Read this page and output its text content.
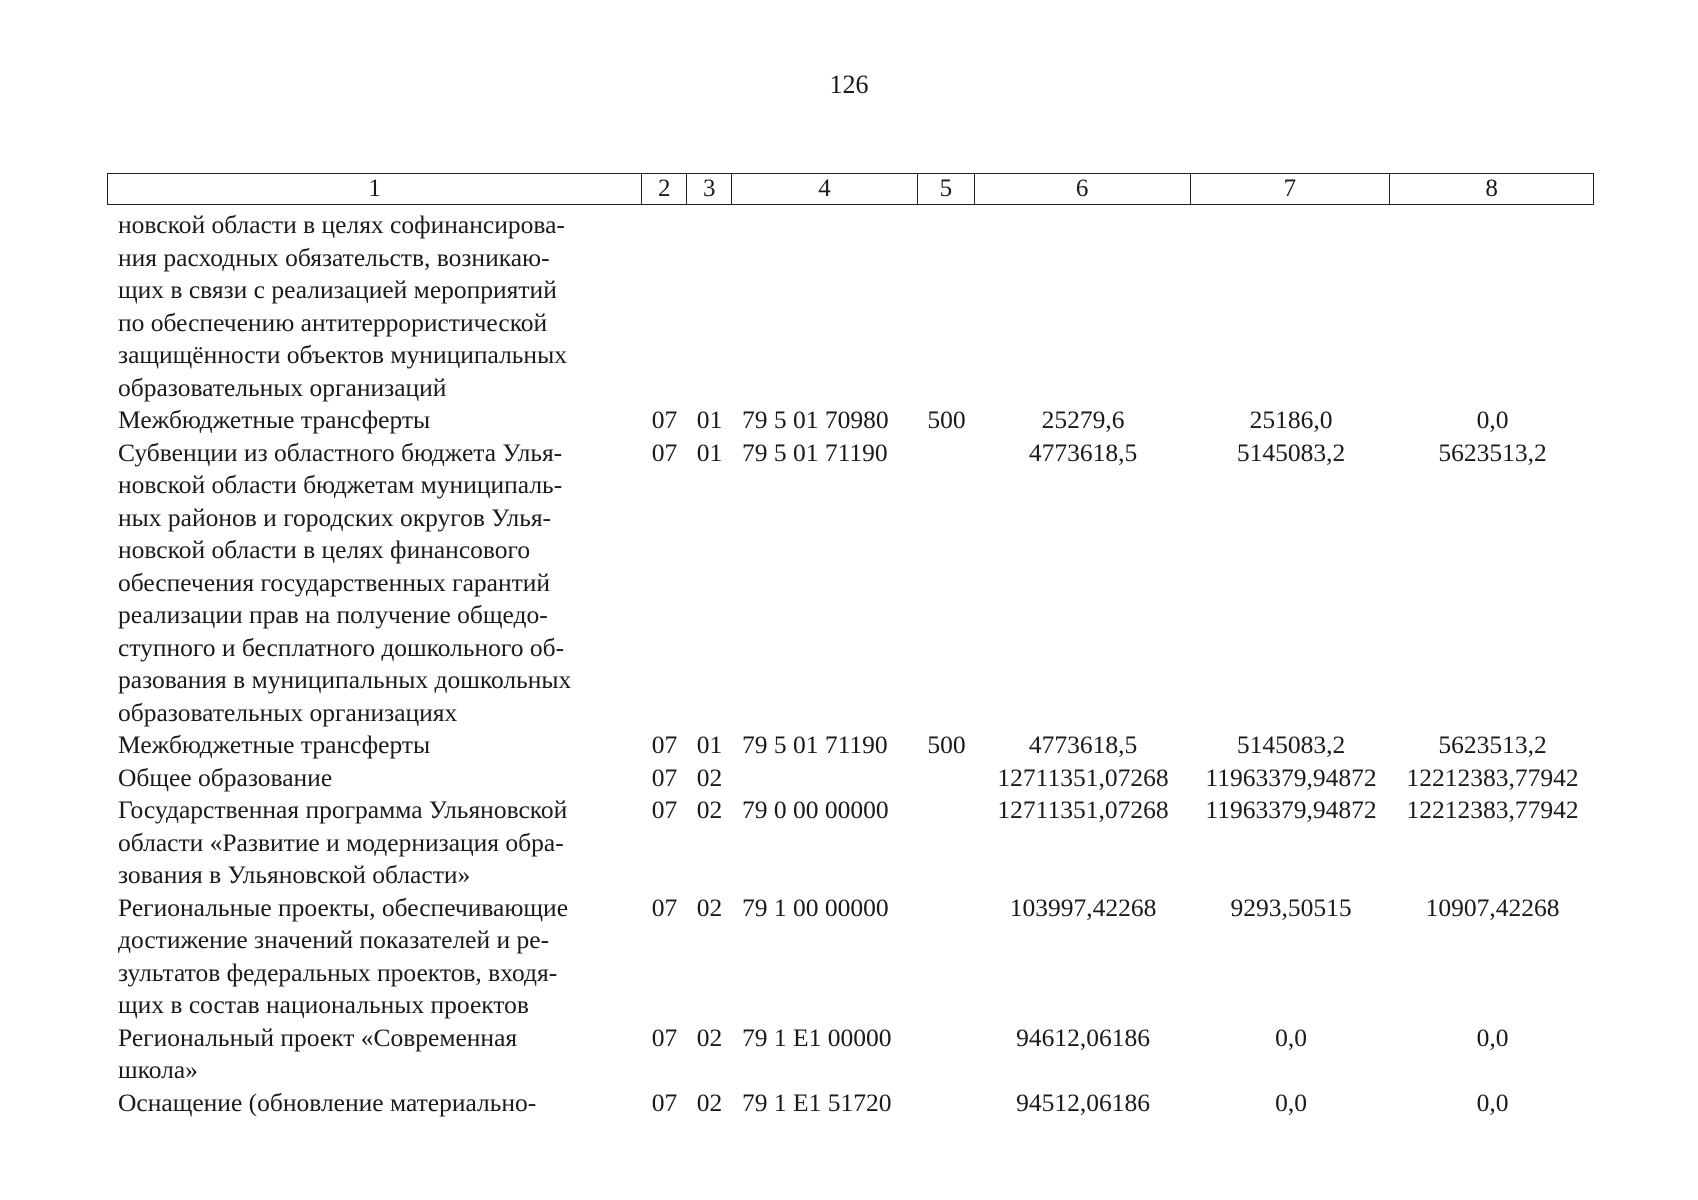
126
1	2	3	4	5	6	7	8
новской области в целях софинансирова-
ния расходных обязательств, возникаю-
щих в связи с реализацией мероприятий
по обеспечению антитеррористической
защищённости объектов муниципальных
образовательных организаций
Межбюджетные трансферты	07 01 79 5 01 70980	500	25279,6	25186,0	0,0
Субвенции из областного бюджета Улья-
новской области бюджетам муниципаль-
ных районов и городских округов Улья-
новской области в целях финансового
обеспечения государственных гарантий
реализации прав на получение общедо-
ступного и бесплатного дошкольного об-
разования в муниципальных дошкольных
образовательных организациях
07 01 79 5 01 71190	4773618,5	5145083,2	5623513,2
Межбюджетные трансферты	07 01 79 5 01 71190	500	4773618,5	5145083,2	5623513,2
Общее образование	07 02	12711351,07268	11963379,94872	12212383,77942
Государственная программа Ульяновской
области «Развитие и модернизация обра-
зования в Ульяновской области»
07 02 79 0 00 00000	12711351,07268	11963379,94872	12212383,77942
Региональные проекты, обеспечивающие
достижение значений показателей и ре-
зультатов федеральных проектов, входя-
щих в состав национальных проектов
07 02 79 1 00 00000	103997,42268	9293,50515	10907,42268
Региональный проект «Современная
школа»
07 02 79 1 E1 00000	94612,06186	0,0	0,0
Оснащение (обновление материально-	07 02 79 1 E1 51720	94512,06186	0,0	0,0
